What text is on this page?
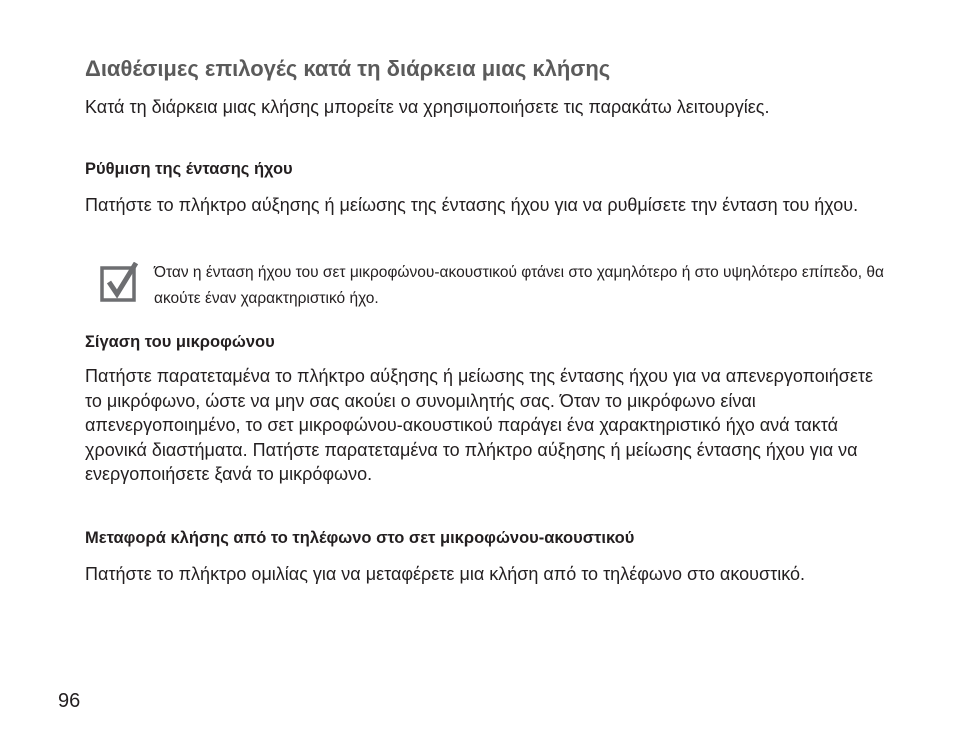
Διαθέσιμες επιλογές κατά τη διάρκεια μιας κλήσης

Κατά τη διάρκεια μιας κλήσης μπορείτε να χρησιμοποιήσετε τις παρακάτω λειτουργίες.

Ρύθμιση της έντασης ήχου

Πατήστε το πλήκτρο αύξησης ή μείωσης της έντασης ήχου για να ρυθμίσετε την ένταση του ήχου.

Όταν η ένταση ήχου του σετ μικροφώνου-ακουστικού φτάνει στο χαμηλότερο ή στο υψηλότερο επίπεδο, θα ακούτε έναν χαρακτηριστικό ήχο.

Σίγαση του μικροφώνου

Πατήστε παρατεταμένα το πλήκτρο αύξησης ή μείωσης της έντασης ήχου για να απενεργοποιήσετε το μικρόφωνο, ώστε να μην σας ακούει ο συνομιλητής σας. Όταν το μικρόφωνο είναι απενεργοποιημένο, το σετ μικροφώνου-ακουστικού παράγει ένα χαρακτηριστικό ήχο ανά τακτά χρονικά διαστήματα. Πατήστε παρατεταμένα το πλήκτρο αύξησης ή μείωσης έντασης ήχου για να ενεργοποιήσετε ξανά το μικρόφωνο.

Μεταφορά κλήσης από το τηλέφωνο στο σετ μικροφώνου-ακουστικού

Πατήστε το πλήκτρο ομιλίας για να μεταφέρετε μια κλήση από το τηλέφωνο στο ακουστικό.

96
